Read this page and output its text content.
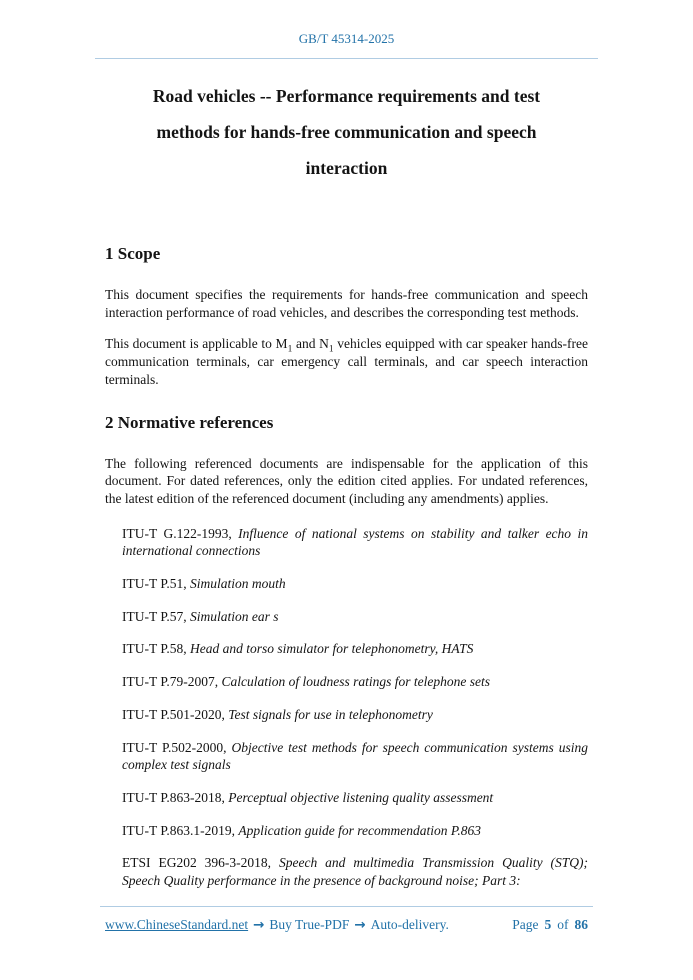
GB/T 45314-2025
Road vehicles -- Performance requirements and test
methods for hands-free communication and speech
interaction
1 Scope

This document specifies the requirements for hands-free communication and speech interaction performance of road vehicles, and describes the corresponding test methods.

This document is applicable to $M_1$ and $N_1$ vehicles equipped with car speaker hands-free communication terminals, car emergency call terminals, and car speech interaction terminals.

2 Normative references

The following referenced documents are indispensable for the application of this document. For dated references, only the edition cited applies. For undated references, the latest edition of the referenced document (including any amendments) applies.

ITU-T G.122-1993, Influence of national systems on stability and talker echo in international connections

ITU-T P.51, Simulation mouth

ITU-T P.57, Simulation ear s

ITU-T P.58, Head and torso simulator for telephonometry, HATS

ITU-T P.79-2007, Calculation of loudness ratings for telephone sets

ITU-T P.501-2020, Test signals for use in telephonometry

ITU-T P.502-2000, Objective test methods for speech communication systems using complex test signals

ITU-T P.863-2018, Perceptual objective listening quality assessment

ITU-T P.863.1-2019, Application guide for recommendation P.863

ETSI EG202 396-3-2018, Speech and multimedia Transmission Quality (STQ); Speech Quality performance in the presence of background noise; Part 3:

www.ChineseStandard.net → Buy True-PDF → Auto-delivery.	Page 5 of 86
